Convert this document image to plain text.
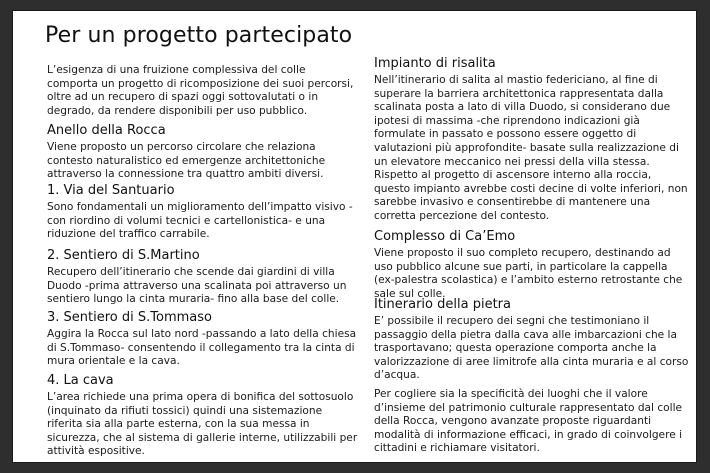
Per un progetto partecipato

L’esigenza di una fruizione complessiva del colle comporta un progetto di ricomposizione dei suoi percorsi, oltre ad un recupero di spazi oggi sottovalutati o in degrado, da rendere disponibili per uso pubblico.

Anello della Rocca

Viene proposto un percorso circolare che relaziona contesto naturalistico ed emergenze architettoniche attraverso la connessione tra quattro ambiti diversi.

1. Via del Santuario

Sono fondamentali un miglioramento dell’impatto visivo -con riordino di volumi tecnici e cartellonistica- e una riduzione del traffico carrabile.

2. Sentiero di S.Martino

Recupero dell’itinerario che scende dai giardini di villa Duodo -prima attraverso una scalinata poi attraverso un sentiero lungo la cinta muraria- fino alla base del colle.

3. Sentiero di S.Tommaso

Aggira la Rocca sul lato nord -passando a lato della chiesa di S.Tommaso- consentendo il collegamento tra la cinta di mura orientale e la cava.

4. La cava

L’area richiede una prima opera di bonifica del sottosuolo (inquinato da rifiuti tossici) quindi una sistemazione riferita sia alla parte esterna, con la sua messa in sicurezza, che al sistema di gallerie interne, utilizzabili per attività espositive.

Impianto di risalita

Nell’itinerario di salita al mastio federiciano, al fine di superare la barriera architettonica rappresentata dalla scalinata posta a lato di villa Duodo, si considerano due ipotesi di massima -che riprendono indicazioni già formulate in passato e possono essere oggetto di valutazioni più approfondite- basate sulla realizzazione di un elevatore meccanico nei pressi della villa stessa. Rispetto al progetto di ascensore interno alla roccia, questo impianto avrebbe costi decine di volte inferiori, non sarebbe invasivo e consentirebbe di mantenere una corretta percezione del contesto.

Complesso di Ca’Emo

Viene proposto il suo completo recupero, destinando ad uso pubblico alcune sue parti, in particolare la cappella (ex-palestra scolastica) e l’ambito esterno retrostante che sale sul colle.

Itinerario della pietra

E’ possibile il recupero dei segni che testimoniano il passaggio della pietra dalla cava alle imbarcazioni che la trasportavano; questa operazione comporta anche la valorizzazione di aree limitrofe alla cinta muraria e al corso d’acqua.

Per cogliere sia la specificità dei luoghi che il valore d’insieme del patrimonio culturale rappresentato dal colle della Rocca, vengono avanzate proposte riguardanti modalità di informazione efficaci, in grado di coinvolgere i cittadini e richiamare visitatori.
